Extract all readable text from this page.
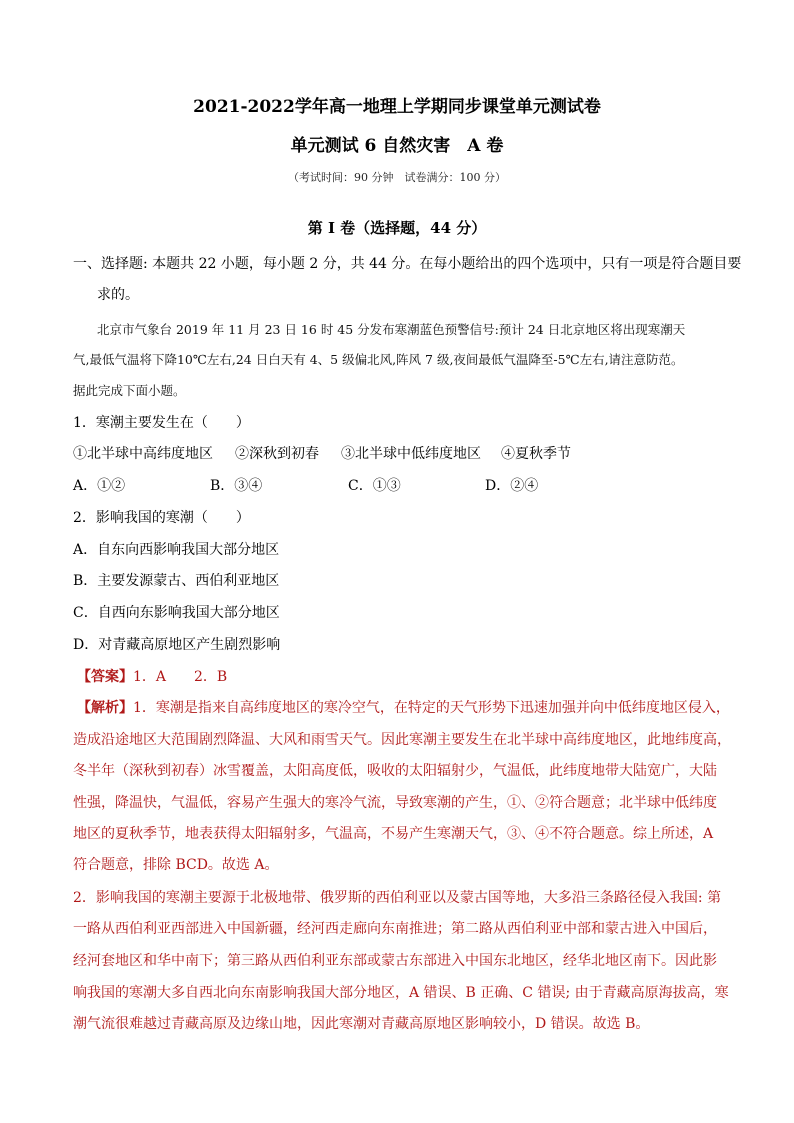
2021-2022学年高一地理上学期同步课堂单元测试卷
单元测试 6 自然灾害　A 卷
（考试时间：90 分钟　试卷满分：100 分）
第 I 卷（选择题，44 分）
一、选择题: 本题共 22 小题，每小题 2 分，共 44 分。在每小题给出的四个选项中，只有一项是符合题目要
求的。
北京市气象台 2019 年 11 月 23 日 16 时 45 分发布寒潮蓝色预警信号:预计 24 日北京地区将出现寒潮天
气,最低气温将下降10℃左右,24 日白天有 4、5 级偏北风,阵风 7 级,夜间最低气温降至-5℃左右,请注意防范。
据此完成下面小题。
1．寒潮主要发生在（　　）
①北半球中高纬度地区 ②深秋到初春 ③北半球中低纬度地区 ④夏秋季节
A．①②	B．③④	C．①③	D．②④
2．影响我国的寒潮（　　）
A．自东向西影响我国大部分地区
B．主要发源蒙古、西伯利亚地区
C．自西向东影响我国大部分地区
D．对青藏高原地区产生剧烈影响
【答案】1．A　　2．B
【解析】1．寒潮是指来自高纬度地区的寒冷空气，在特定的天气形势下迅速加强并向中低纬度地区侵入，
造成沿途地区大范围剧烈降温、大风和雨雪天气。因此寒潮主要发生在北半球中高纬度地区，此地纬度高，
冬半年（深秋到初春）冰雪覆盖，太阳高度低，吸收的太阳辐射少，气温低，此纬度地带大陆宽广，大陆
性强，降温快，气温低，容易产生强大的寒冷气流，导致寒潮的产生，①、②符合题意；北半球中低纬度
地区的夏秋季节，地表获得太阳辐射多，气温高，不易产生寒潮天气，③、④不符合题意。综上所述，A
符合题意，排除 BCD。故选 A。
2．影响我国的寒潮主要源于北极地带、俄罗斯的西伯利亚以及蒙古国等地，大多沿三条路径侵入我国: 第
一路从西伯利亚西部进入中国新疆，经河西走廊向东南推进；第二路从西伯利亚中部和蒙古进入中国后，
经河套地区和华中南下；第三路从西伯利亚东部或蒙古东部进入中国东北地区，经华北地区南下。因此影
响我国的寒潮大多自西北向东南影响我国大部分地区，A 错误、B 正确、C 错误; 由于青藏高原海拔高，寒
潮气流很难越过青藏高原及边缘山地，因此寒潮对青藏高原地区影响较小，D 错误。故选 B。
